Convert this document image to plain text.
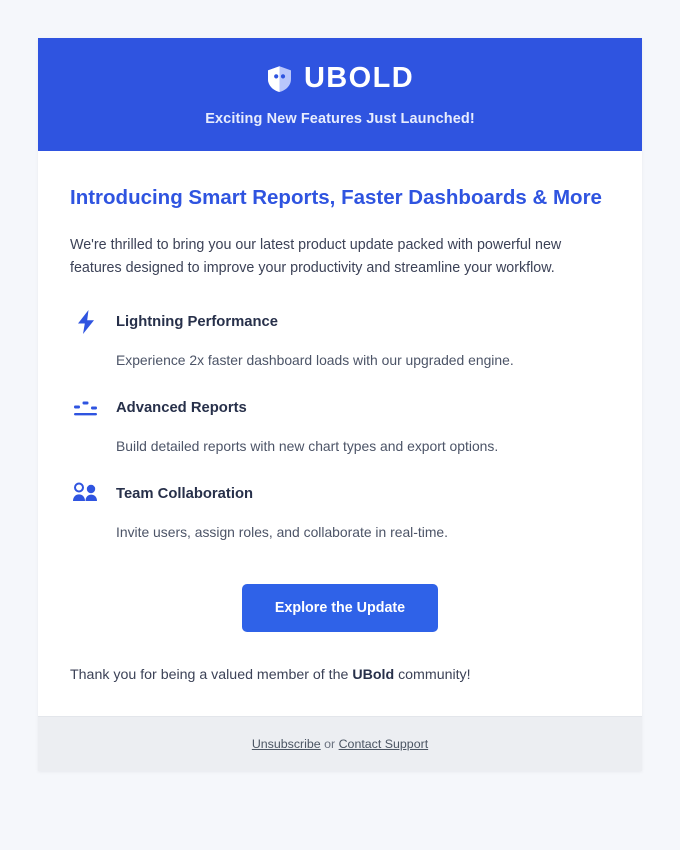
UBOLD
Exciting New Features Just Launched!
Introducing Smart Reports, Faster Dashboards & More

We're thrilled to bring you our latest product update packed with powerful new features designed to improve your productivity and streamline your workflow.

Lightning Performance
Experience 2x faster dashboard loads with our upgraded engine.
Advanced Reports
Build detailed reports with new chart types and export options.
Team Collaboration
Invite users, assign roles, and collaborate in real-time.
Explore the Update

Thank you for being a valued member of the UBold community!

Unsubscribe or Contact Support
